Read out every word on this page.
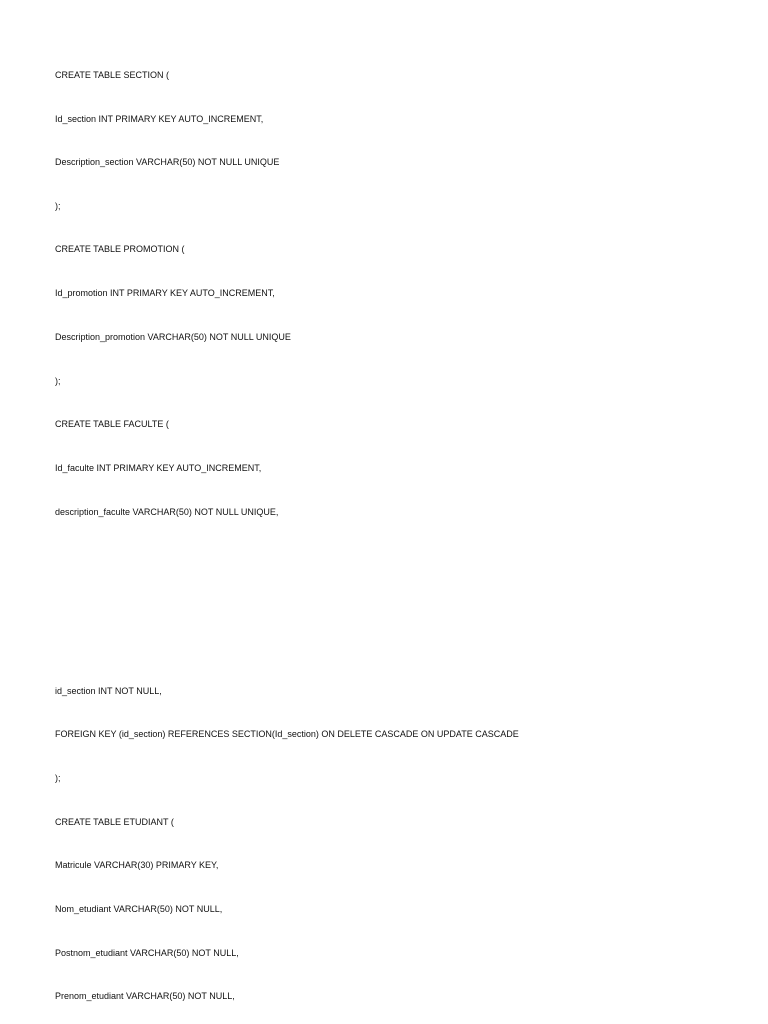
CREATE TABLE SECTION (
Id_section INT PRIMARY KEY AUTO_INCREMENT,
Description_section VARCHAR(50) NOT NULL UNIQUE
);
CREATE TABLE PROMOTION (
Id_promotion INT PRIMARY KEY AUTO_INCREMENT,
Description_promotion VARCHAR(50) NOT NULL UNIQUE
);
CREATE TABLE FACULTE (
Id_faculte INT PRIMARY KEY AUTO_INCREMENT,
description_faculte VARCHAR(50) NOT NULL UNIQUE,
id_section INT NOT NULL,
FOREIGN KEY (id_section) REFERENCES SECTION(Id_section) ON DELETE CASCADE ON UPDATE CASCADE
);
CREATE TABLE ETUDIANT (
Matricule VARCHAR(30) PRIMARY KEY,
Nom_etudiant VARCHAR(50) NOT NULL,
Postnom_etudiant VARCHAR(50) NOT NULL,
Prenom_etudiant VARCHAR(50) NOT NULL,
